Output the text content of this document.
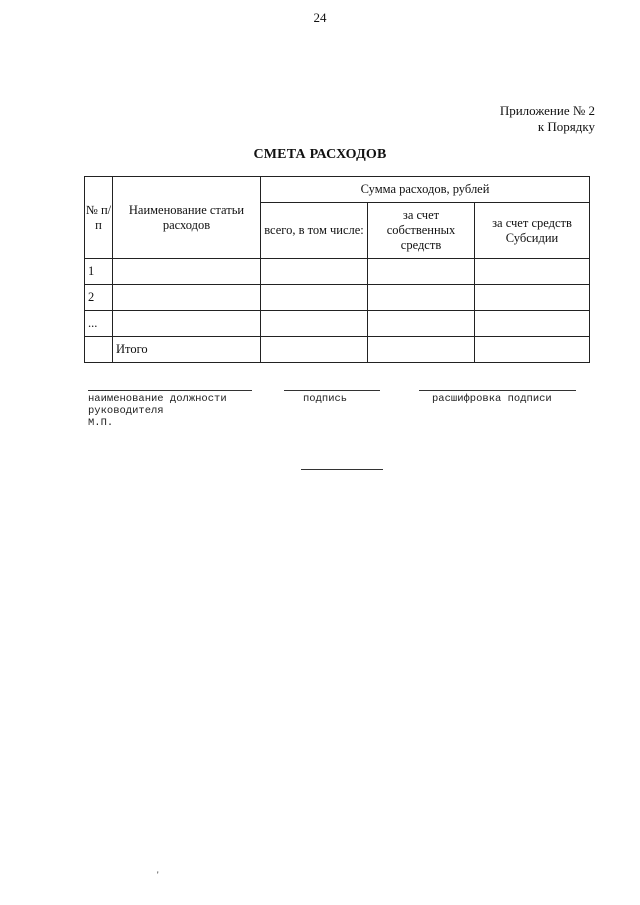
24
Приложение № 2
к Порядку
СМЕТА РАСХОДОВ
№ п/п	Наименование статьи расходов	Сумма расходов, рублей		
		всего, в том числе:	за счет собственных средств	за счет средств Субсидии
1				
2				
...				
	Итого			
наименование должности
руководителя
М.П.
подпись	расшифровка подписи
'
